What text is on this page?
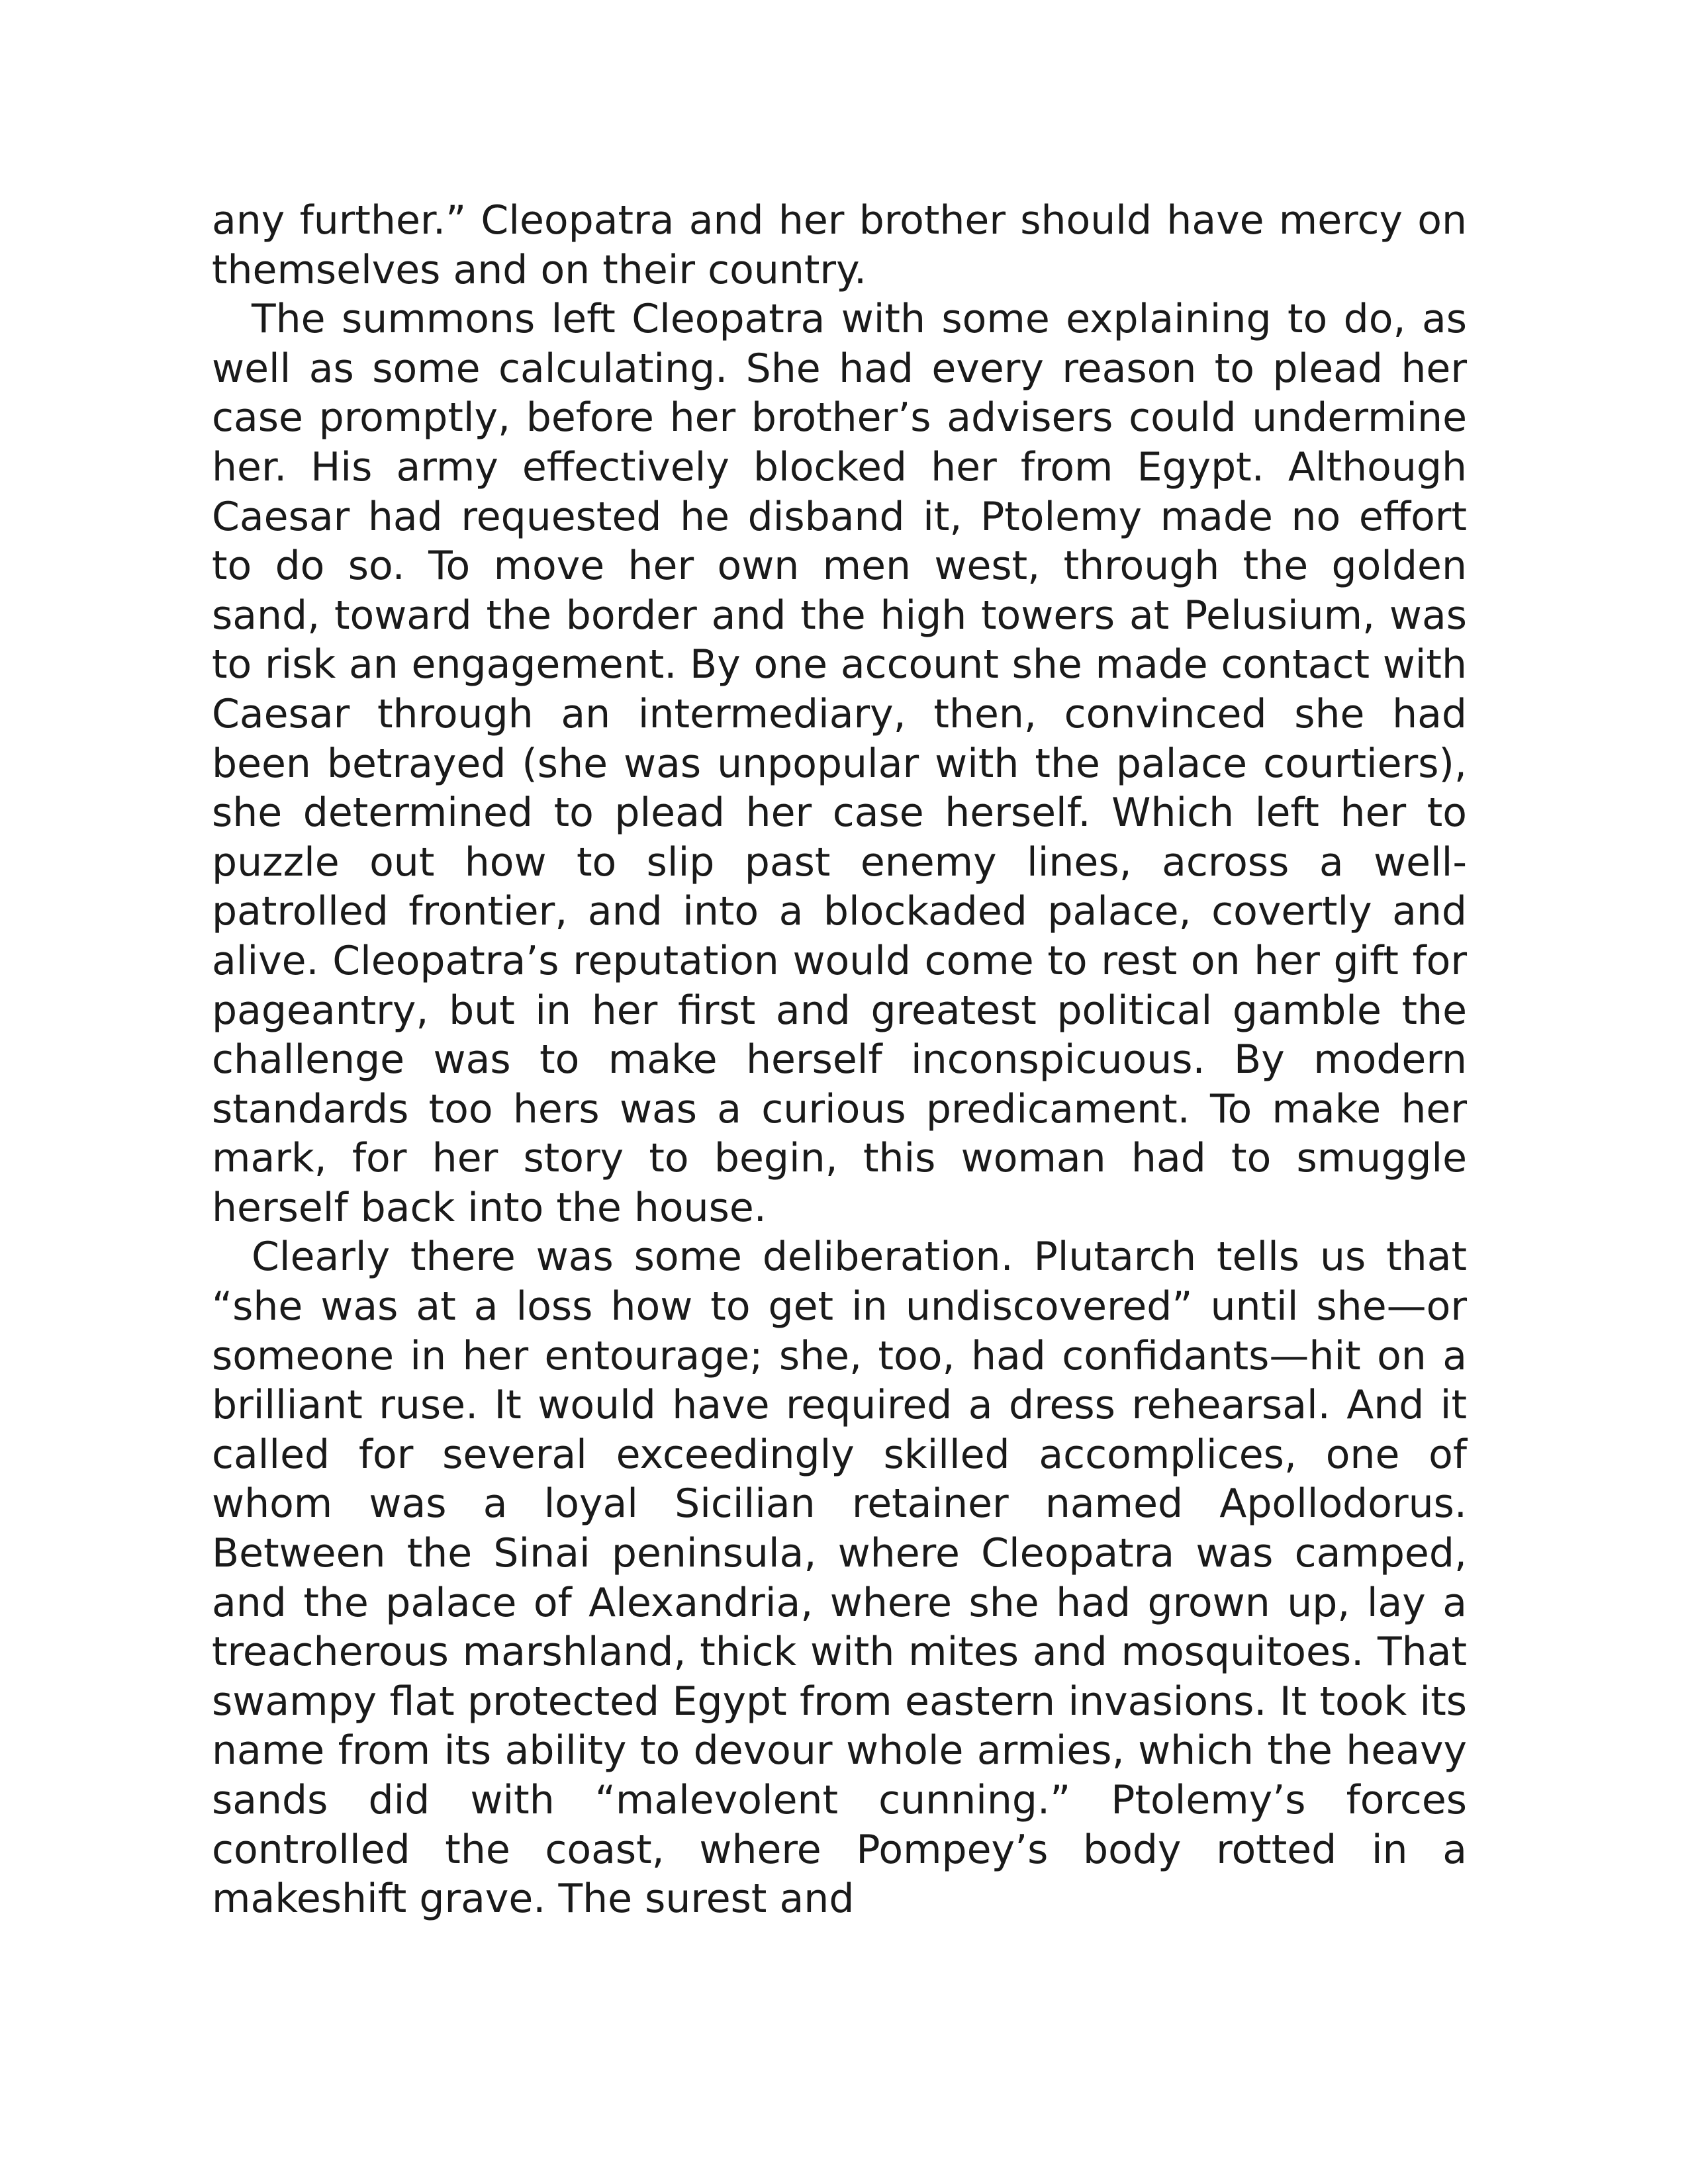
any further.” Cleopatra and her brother should have mercy on themselves and on their country.

The summons left Cleopatra with some explaining to do, as well as some calculating. She had every reason to plead her case promptly, before her brother’s advisers could undermine her. His army effectively blocked her from Egypt. Although Caesar had requested he disband it, Ptolemy made no effort to do so. To move her own men west, through the golden sand, toward the border and the high towers at Pelusium, was to risk an engagement. By one account she made contact with Caesar through an intermediary, then, convinced she had been betrayed (she was unpopular with the palace courtiers), she determined to plead her case herself. Which left her to puzzle out how to slip past enemy lines, across a well-patrolled frontier, and into a blockaded palace, covertly and alive. Cleopatra’s reputation would come to rest on her gift for pageantry, but in her first and greatest political gamble the challenge was to make herself inconspicuous. By modern standards too hers was a curious predicament. To make her mark, for her story to begin, this woman had to smuggle herself back into the house.

Clearly there was some deliberation. Plutarch tells us that “she was at a loss how to get in undiscovered” until she—or someone in her entourage; she, too, had confidants—hit on a brilliant ruse. It would have required a dress rehearsal. And it called for several exceedingly skilled accomplices, one of whom was a loyal Sicilian retainer named Apollodorus. Between the Sinai peninsula, where Cleopatra was camped, and the palace of Alexandria, where she had grown up, lay a treacherous marshland, thick with mites and mosquitoes. That swampy flat protected Egypt from eastern invasions. It took its name from its ability to devour whole armies, which the heavy sands did with “malevolent cunning.” Ptolemy’s forces controlled the coast, where Pompey’s body rotted in a makeshift grave. The surest and
